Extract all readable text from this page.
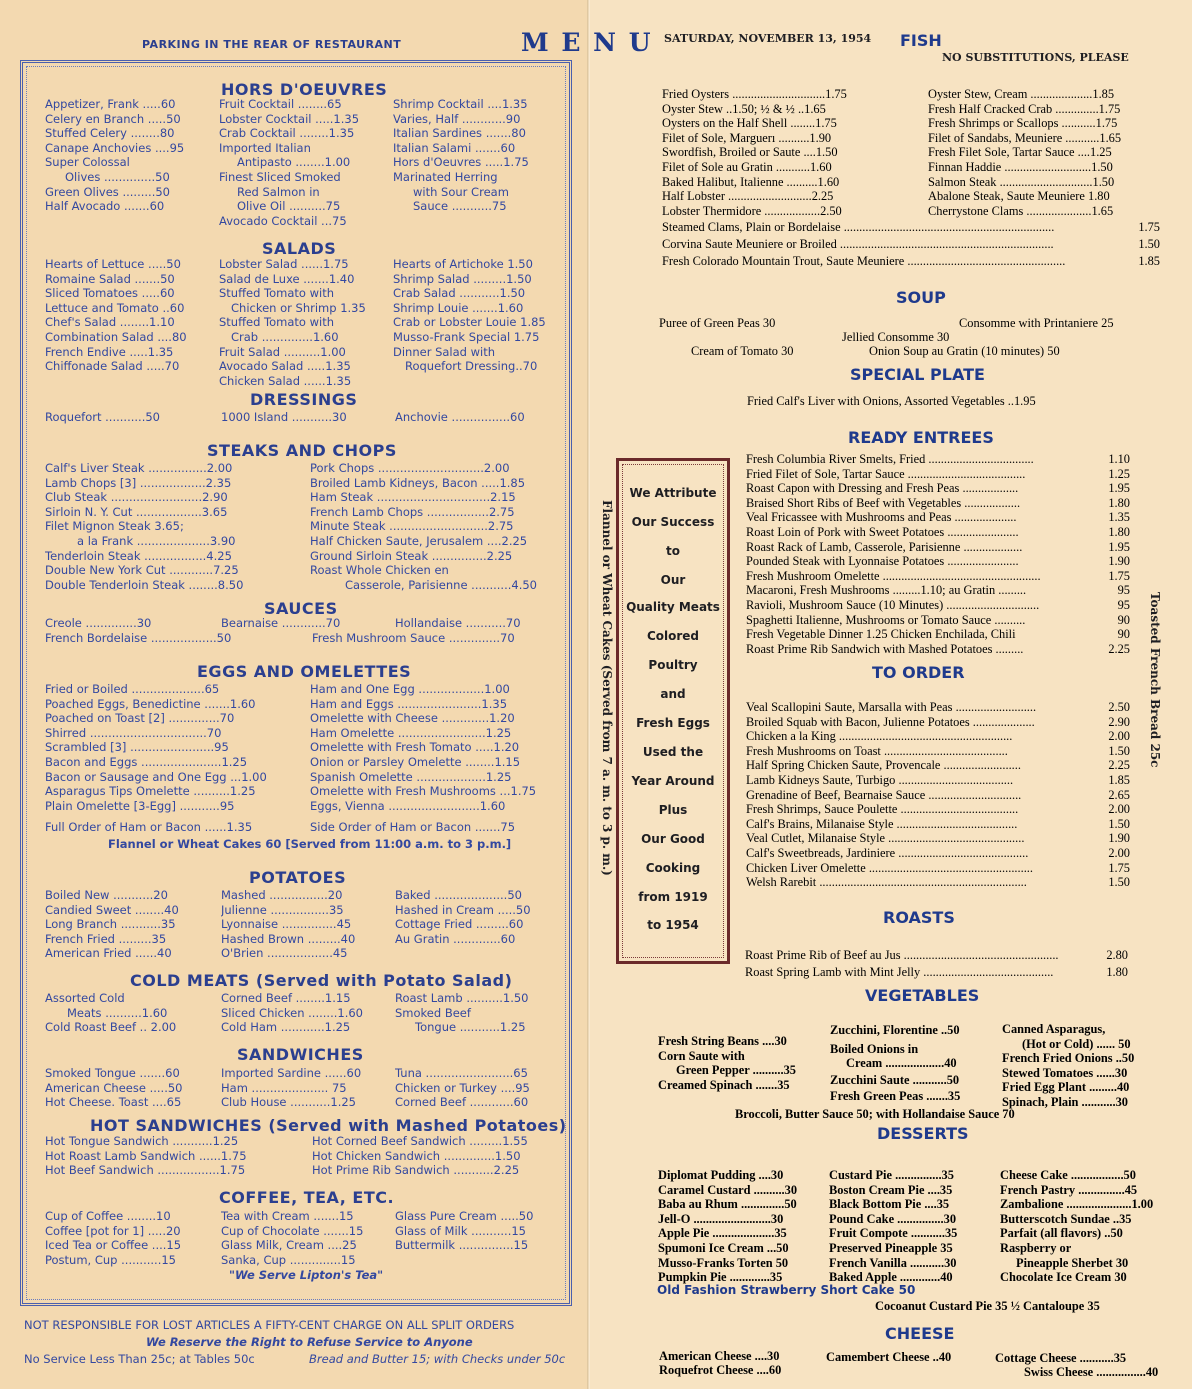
PARKING IN THE REAR OF RESTAURANT
HORS D'OEUVRES
Appetizer, Frank .....60
Celery en Branch .....50
Stuffed Celery ........80
Canape Anchovies ....95
Super Colossal
Olives ..............50
Green Olives .........50
Half Avocado .......60
Fruit Cocktail ........65
Lobster Cocktail .....1.35
Crab Cocktail ........1.35
Imported Italian
Antipasto ........1.00
Finest Sliced Smoked
Red Salmon in
Olive Oil ..........75
Avocado Cocktail ...75
Shrimp Cocktail ....1.35
Varies, Half ............90
Italian Sardines .......80
Italian Salami .......60
Hors d'Oeuvres .....1.75
Marinated Herring
with Sour Cream
Sauce ...........75
SALADS
Hearts of Lettuce .....50
Romaine Salad .......50
Sliced Tomatoes .....60
Lettuce and Tomato ..60
Chef's Salad ........1.10
Combination Salad ....80
French Endive .....1.35
Chiffonade Salad .....70
Lobster Salad ......1.75
Salad de Luxe .......1.40
Stuffed Tomato with
Chicken or Shrimp 1.35
Stuffed Tomato with
Crab ..............1.60
Fruit Salad ..........1.00
Avocado Salad .....1.35
Chicken Salad ......1.35
Hearts of Artichoke 1.50
Shrimp Salad .........1.50
Crab Salad ...........1.50
Shrimp Louie .......1.60
Crab or Lobster Louie 1.85
Musso-Frank Special 1.75
Dinner Salad with
Roquefort Dressing..70
DRESSINGS
Roquefort ...........50	1000 Island ...........30	Anchovie ................60
STEAKS AND CHOPS
Calf's Liver Steak ................2.00
Lamb Chops [3] ..................2.35
Club Steak .........................2.90
Sirloin N. Y. Cut ..................3.65
Filet Mignon Steak 3.65;
a la Frank ....................3.90
Tenderloin Steak .................4.25
Double New York Cut ............7.25
Double Tenderloin Steak ........8.50
Pork Chops .............................2.00
Broiled Lamb Kidneys, Bacon .....1.85
Ham Steak ...............................2.15
French Lamb Chops .................2.75
Minute Steak ...........................2.75
Half Chicken Saute, Jerusalem ....2.25
Ground Sirloin Steak ...............2.25
Roast Whole Chicken en
Casserole, Parisienne ...........4.50
SAUCES
Creole ..............30	Bearnaise ............70	Hollandaise ...........70
French Bordelaise ..................50	Fresh Mushroom Sauce ..............70
EGGS AND OMELETTES
Fried or Boiled ....................65
Poached Eggs, Benedictine .......1.60
Poached on Toast [2] ..............70
Shirred ................................70
Scrambled [3] .......................95
Bacon and Eggs ......................1.25
Bacon or Sausage and One Egg ...1.00
Asparagus Tips Omelette ..........1.25
Plain Omelette [3-Egg] ...........95
Ham and One Egg ..................1.00
Ham and Eggs .......................1.35
Omelette with Cheese .............1.20
Ham Omelette ........................1.25
Omelette with Fresh Tomato .....1.20
Onion or Parsley Omelette ........1.15
Spanish Omelette ...................1.25
Omelette with Fresh Mushrooms ...1.75
Eggs, Vienna .........................1.60
Full Order of Ham or Bacon ......1.35	Side Order of Ham or Bacon .......75
Flannel or Wheat Cakes 60 [Served from 11:00 a.m. to 3 p.m.]
POTATOES
Boiled New ...........20
Candied Sweet ........40
Long Branch ...........35
French Fried .........35
American Fried ......40
Mashed ................20
Julienne ................35
Lyonnaise ...............45
Hashed Brown .........40
O'Brien ..................45
Baked ....................50
Hashed in Cream .....50
Cottage Fried .........60
Au Gratin .............60
COLD MEATS (Served with Potato Salad)
Assorted Cold
Meats ..........1.60
Cold Roast Beef .. 2.00
Corned Beef ........1.15
Sliced Chicken ........1.60
Cold Ham ............1.25
Roast Lamb ..........1.50
Smoked Beef
Tongue ...........1.25
SANDWICHES
Smoked Tongue .......60
American Cheese .....50
Hot Cheese. Toast ....65
Imported Sardine ......60
Ham ..................... 75
Club House ...........1.25
Tuna ........................65
Chicken or Turkey ....95
Corned Beef ............60
HOT SANDWICHES (Served with Mashed Potatoes)
Hot Tongue Sandwich ...........1.25
Hot Roast Lamb Sandwich ......1.75
Hot Beef Sandwich .................1.75
Hot Corned Beef Sandwich .........1.55
Hot Chicken Sandwich ..............1.50
Hot Prime Rib Sandwich ...........2.25
COFFEE, TEA, ETC.
Cup of Coffee ........10
Coffee [pot for 1] .....20
Iced Tea or Coffee ....15
Postum, Cup ...........15
Tea with Cream .......15
Cup of Chocolate .......15
Glass Milk, Cream ....25
Sanka, Cup ..............15
Glass Pure Cream .....50
Glass of Milk ...........15
Buttermilk ...............15
"We Serve Lipton's Tea"
NOT RESPONSIBLE FOR LOST ARTICLES A FIFTY-CENT CHARGE ON ALL SPLIT ORDERS
We Reserve the Right to Refuse Service to Anyone
No Service Less Than 25c; at Tables 50c	Bread and Butter 15; with Checks under 50c
M E N U SATURDAY, NOVEMBER 13, 1954 FISH
NO SUBSTITUTIONS, PLEASE
Fried Oysters ..............................1.75
Oyster Stew ..1.50; ½ & ½ ..1.65
Oysters on the Half Shell ........1.75
Filet of Sole, Marguerı ..........1.90
Swordfish, Broiled or Saute ....1.50
Filet of Sole au Gratin ...........1.60
Baked Halibut, Italienne ..........1.60
Half Lobster ...........................2.25
Lobster Thermidore ..................2.50
Oyster Stew, Cream ....................1.85
Fresh Half Cracked Crab ..............1.75
Fresh Shrimps or Scallops ...........1.75
Filet of Sandabs, Meuniere ...........1.65
Fresh Filet Sole, Tartar Sauce ....1.25
Finnan Haddie ............................1.50
Salmon Steak ..............................1.50
Abalone Steak, Saute Meuniere 1.80
Cherrystone Clams .....................1.65
Steamed Clams, Plain or Bordelaise ....................................................................	1.75
Corvina Saute Meuniere or Broiled .....................................................................	1.50
Fresh Colorado Mountain Trout, Saute Meuniere ...................................................	1.85
SOUP
Puree of Green Peas 30	Consomme with Printaniere 25
Jellied Consomme 30
Cream of Tomato 30	Onion Soup au Gratin (10 minutes) 50
SPECIAL PLATE
Fried Calf's Liver with Onions, Assorted Vegetables ..1.95
READY ENTREES
Fresh Columbia River Smelts, Fried ..................................	1.10
Fried Filet of Sole, Tartar Sauce ......................................	1.25
Roast Capon with Dressing and Fresh Peas ..................	1.95
Braised Short Ribs of Beef with Vegetables ..................	1.80
Veal Fricassee with Mushrooms and Peas ....................	1.35
Roast Loin of Pork with Sweet Potatoes .......................	1.80
Roast Rack of Lamb, Casserole, Parisienne ...................	1.95
Pounded Steak with Lyonnaise Potatoes .......................	1.90
Fresh Mushroom Omelette ...................................................	1.75
Macaroni, Fresh Mushrooms .........1.10; au Gratin .........	95
Ravioli, Mushroom Sauce (10 Minutes) ..............................	95
Spaghetti Italienne, Mushrooms or Tomato Sauce ..........	90
Fresh Vegetable Dinner 1.25 Chicken Enchilada, Chili	90
Roast Prime Rib Sandwich with Mashed Potatoes .........	2.25
TO ORDER
Veal Scallopini Saute, Marsalla with Peas ..........................	2.50
Broiled Squab with Bacon, Julienne Potatoes ....................	2.90
Chicken a la King ........................................................	2.00
Fresh Mushrooms on Toast ........................................	1.50
Half Spring Chicken Saute, Provencale .........................	2.25
Lamb Kidneys Saute, Turbigo .....................................	1.85
Grenadine of Beef, Bearnaise Sauce ..............................	2.65
Fresh Shrimps, Sauce Poulette ......................................	2.00
Calf's Brains, Milanaise Style .......................................	1.50
Veal Cutlet, Milanaise Style ............................................	1.90
Calf's Sweetbreads, Jardiniere ..........................................	2.00
Chicken Liver Omelette .....................................................	1.75
Welsh Rarebit ...................................................................	1.50
ROASTS
Roast Prime Rib of Beef au Jus ..................................................	2.80
Roast Spring Lamb with Mint Jelly ..........................................	1.80
VEGETABLES
Fresh String Beans ....30
Corn Saute with
Green Pepper ..........35
Creamed Spinach .......35
Zucchini, Florentine ..50
Boiled Onions in
Cream ...................40
Zucchini Saute ...........50
Fresh Green Peas .......35
Canned Asparagus,
(Hot or Cold) ...... 50
French Fried Onions ..50
Stewed Tomatoes ......30
Fried Egg Plant .........40
Spinach, Plain ...........30
Broccoli, Butter Sauce 50; with Hollandaise Sauce 70
DESSERTS
Diplomat Pudding ....30
Caramel Custard ..........30
Baba au Rhum ..............50
Jell-O .........................30
Apple Pie ....................35
Spumoni Ice Cream ...50
Musso-Franks Torten 50
Pumpkin Pie .............35
Custard Pie ...............35
Boston Cream Pie ....35
Black Bottom Pie ....35
Pound Cake ...............30
Fruit Compote ...........35
Preserved Pineapple 35
French Vanilla ...........30
Baked Apple .............40
Cheese Cake .................50
French Pastry ...............45
Zambalione .....................1.00
Butterscotch Sundae ..35
Parfait (all flavors) ..50
Raspberry or
Pineapple Sherbet 30
Chocolate Ice Cream 30
Old Fashion Strawberry Short Cake 50
Cocoanut Custard Pie 35 ½ Cantaloupe 35
CHEESE
American Cheese ....30
Roquefrot Cheese ....60
Camembert Cheese ..40	Cottage Cheese ...........35
Swiss Cheese ................40
We Attribute
Our Success
to
Our
Quality Meats
Colored
Poultry
and
Fresh Eggs
Used the
Year Around
Plus
Our Good
Cooking
from 1919
to 1954
Flannel or Wheat Cakes (Served from 7 a. m. to 3 p. m.)	Toasted French Bread 25c
